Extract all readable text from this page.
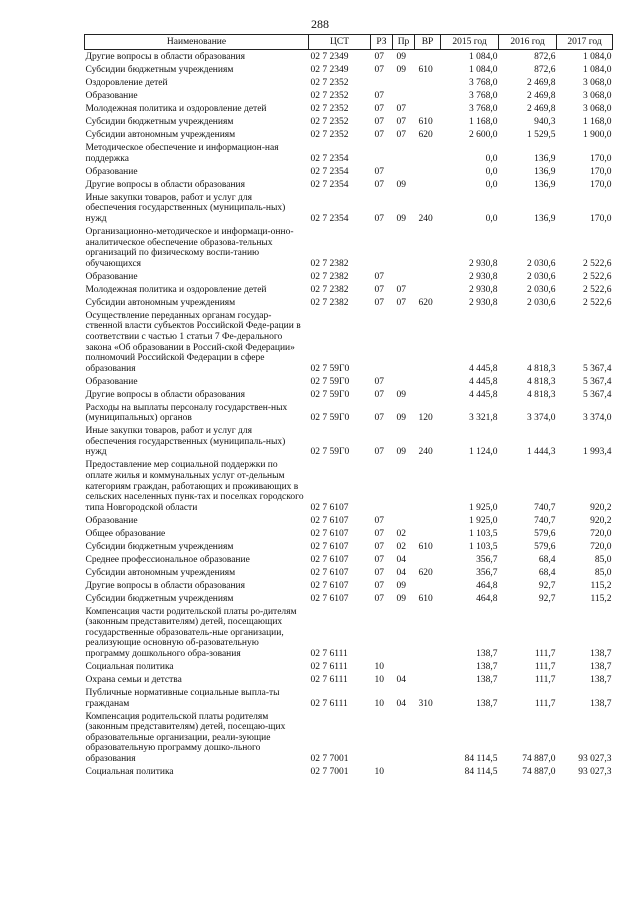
288
Наименование	ЦСТ	РЗ	Пр	ВР	2015 год	2016 год	2017 год
Другие вопросы в области образования	02 7 2349	07	09		1 084,0	872,6	1 084,0
Субсидии бюджетным учреждениям	02 7 2349	07	09	610	1 084,0	872,6	1 084,0
Оздоровление детей	02 7 2352				3 768,0	2 469,8	3 068,0
Образование	02 7 2352	07			3 768,0	2 469,8	3 068,0
Молодежная политика и оздоровление детей	02 7 2352	07	07		3 768,0	2 469,8	3 068,0
Субсидии бюджетным учреждениям	02 7 2352	07	07	610	1 168,0	940,3	1 168,0
Субсидии автономным учреждениям	02 7 2352	07	07	620	2 600,0	1 529,5	1 900,0
Методическое обеспечение и информацион-ная поддержка	02 7 2354				0,0	136,9	170,0
Образование	02 7 2354	07			0,0	136,9	170,0
Другие вопросы в области образования	02 7 2354	07	09		0,0	136,9	170,0
Иные закупки товаров, работ и услуг для обеспечения государственных (муниципаль-ных) нужд	02 7 2354	07	09	240	0,0	136,9	170,0
Организационно-методическое и информаци-онно-аналитическое обеспечение образова-тельных организаций по физическому воспи-танию обучающихся	02 7 2382				2 930,8	2 030,6	2 522,6
Образование	02 7 2382	07			2 930,8	2 030,6	2 522,6
Молодежная политика и оздоровление детей	02 7 2382	07	07		2 930,8	2 030,6	2 522,6
Субсидии автономным учреждениям	02 7 2382	07	07	620	2 930,8	2 030,6	2 522,6
Осуществление переданных органам государ-ственной власти субъектов Российской Феде-рации в соответствии с частью 1 статьи 7 Фе-дерального закона «Об образовании в Россий-ской Федерации» полномочий Российской Федерации в сфере образования	02 7 59Г0				4 445,8	4 818,3	5 367,4
Образование	02 7 59Г0	07			4 445,8	4 818,3	5 367,4
Другие вопросы в области образования	02 7 59Г0	07	09		4 445,8	4 818,3	5 367,4
Расходы на выплаты персоналу государствен-ных (муниципальных) органов	02 7 59Г0	07	09	120	3 321,8	3 374,0	3 374,0
Иные закупки товаров, работ и услуг для обеспечения государственных (муниципаль-ных) нужд	02 7 59Г0	07	09	240	1 124,0	1 444,3	1 993,4
Предоставление мер социальной поддержки по оплате жилья и коммунальных услуг от-дельным категориям граждан, работающих и проживающих в сельских населенных пунк-тах и поселках городского типа Новгородской области	02 7 6107				1 925,0	740,7	920,2
Образование	02 7 6107	07			1 925,0	740,7	920,2
Общее образование	02 7 6107	07	02		1 103,5	579,6	720,0
Субсидии бюджетным учреждениям	02 7 6107	07	02	610	1 103,5	579,6	720,0
Среднее профессиональное образование	02 7 6107	07	04		356,7	68,4	85,0
Субсидии автономным учреждениям	02 7 6107	07	04	620	356,7	68,4	85,0
Другие вопросы в области образования	02 7 6107	07	09		464,8	92,7	115,2
Субсидии бюджетным учреждениям	02 7 6107	07	09	610	464,8	92,7	115,2
Компенсация части родительской платы ро-дителям (законным представителям) детей, посещающих государственные образователь-ные организации, реализующие основную об-разовательную программу дошкольного обра-зования	02 7 6111				138,7	111,7	138,7
Социальная политика	02 7 6111	10			138,7	111,7	138,7
Охрана семьи и детства	02 7 6111	10	04		138,7	111,7	138,7
Публичные нормативные социальные выпла-ты гражданам	02 7 6111	10	04	310	138,7	111,7	138,7
Компенсация родительской платы родителям (законным представителям) детей, посещаю-щих образовательные организации, реали-зующие образовательную программу дошко-льного образования	02 7 7001				84 114,5	74 887,0	93 027,3
Социальная политика	02 7 7001	10			84 114,5	74 887,0	93 027,3
